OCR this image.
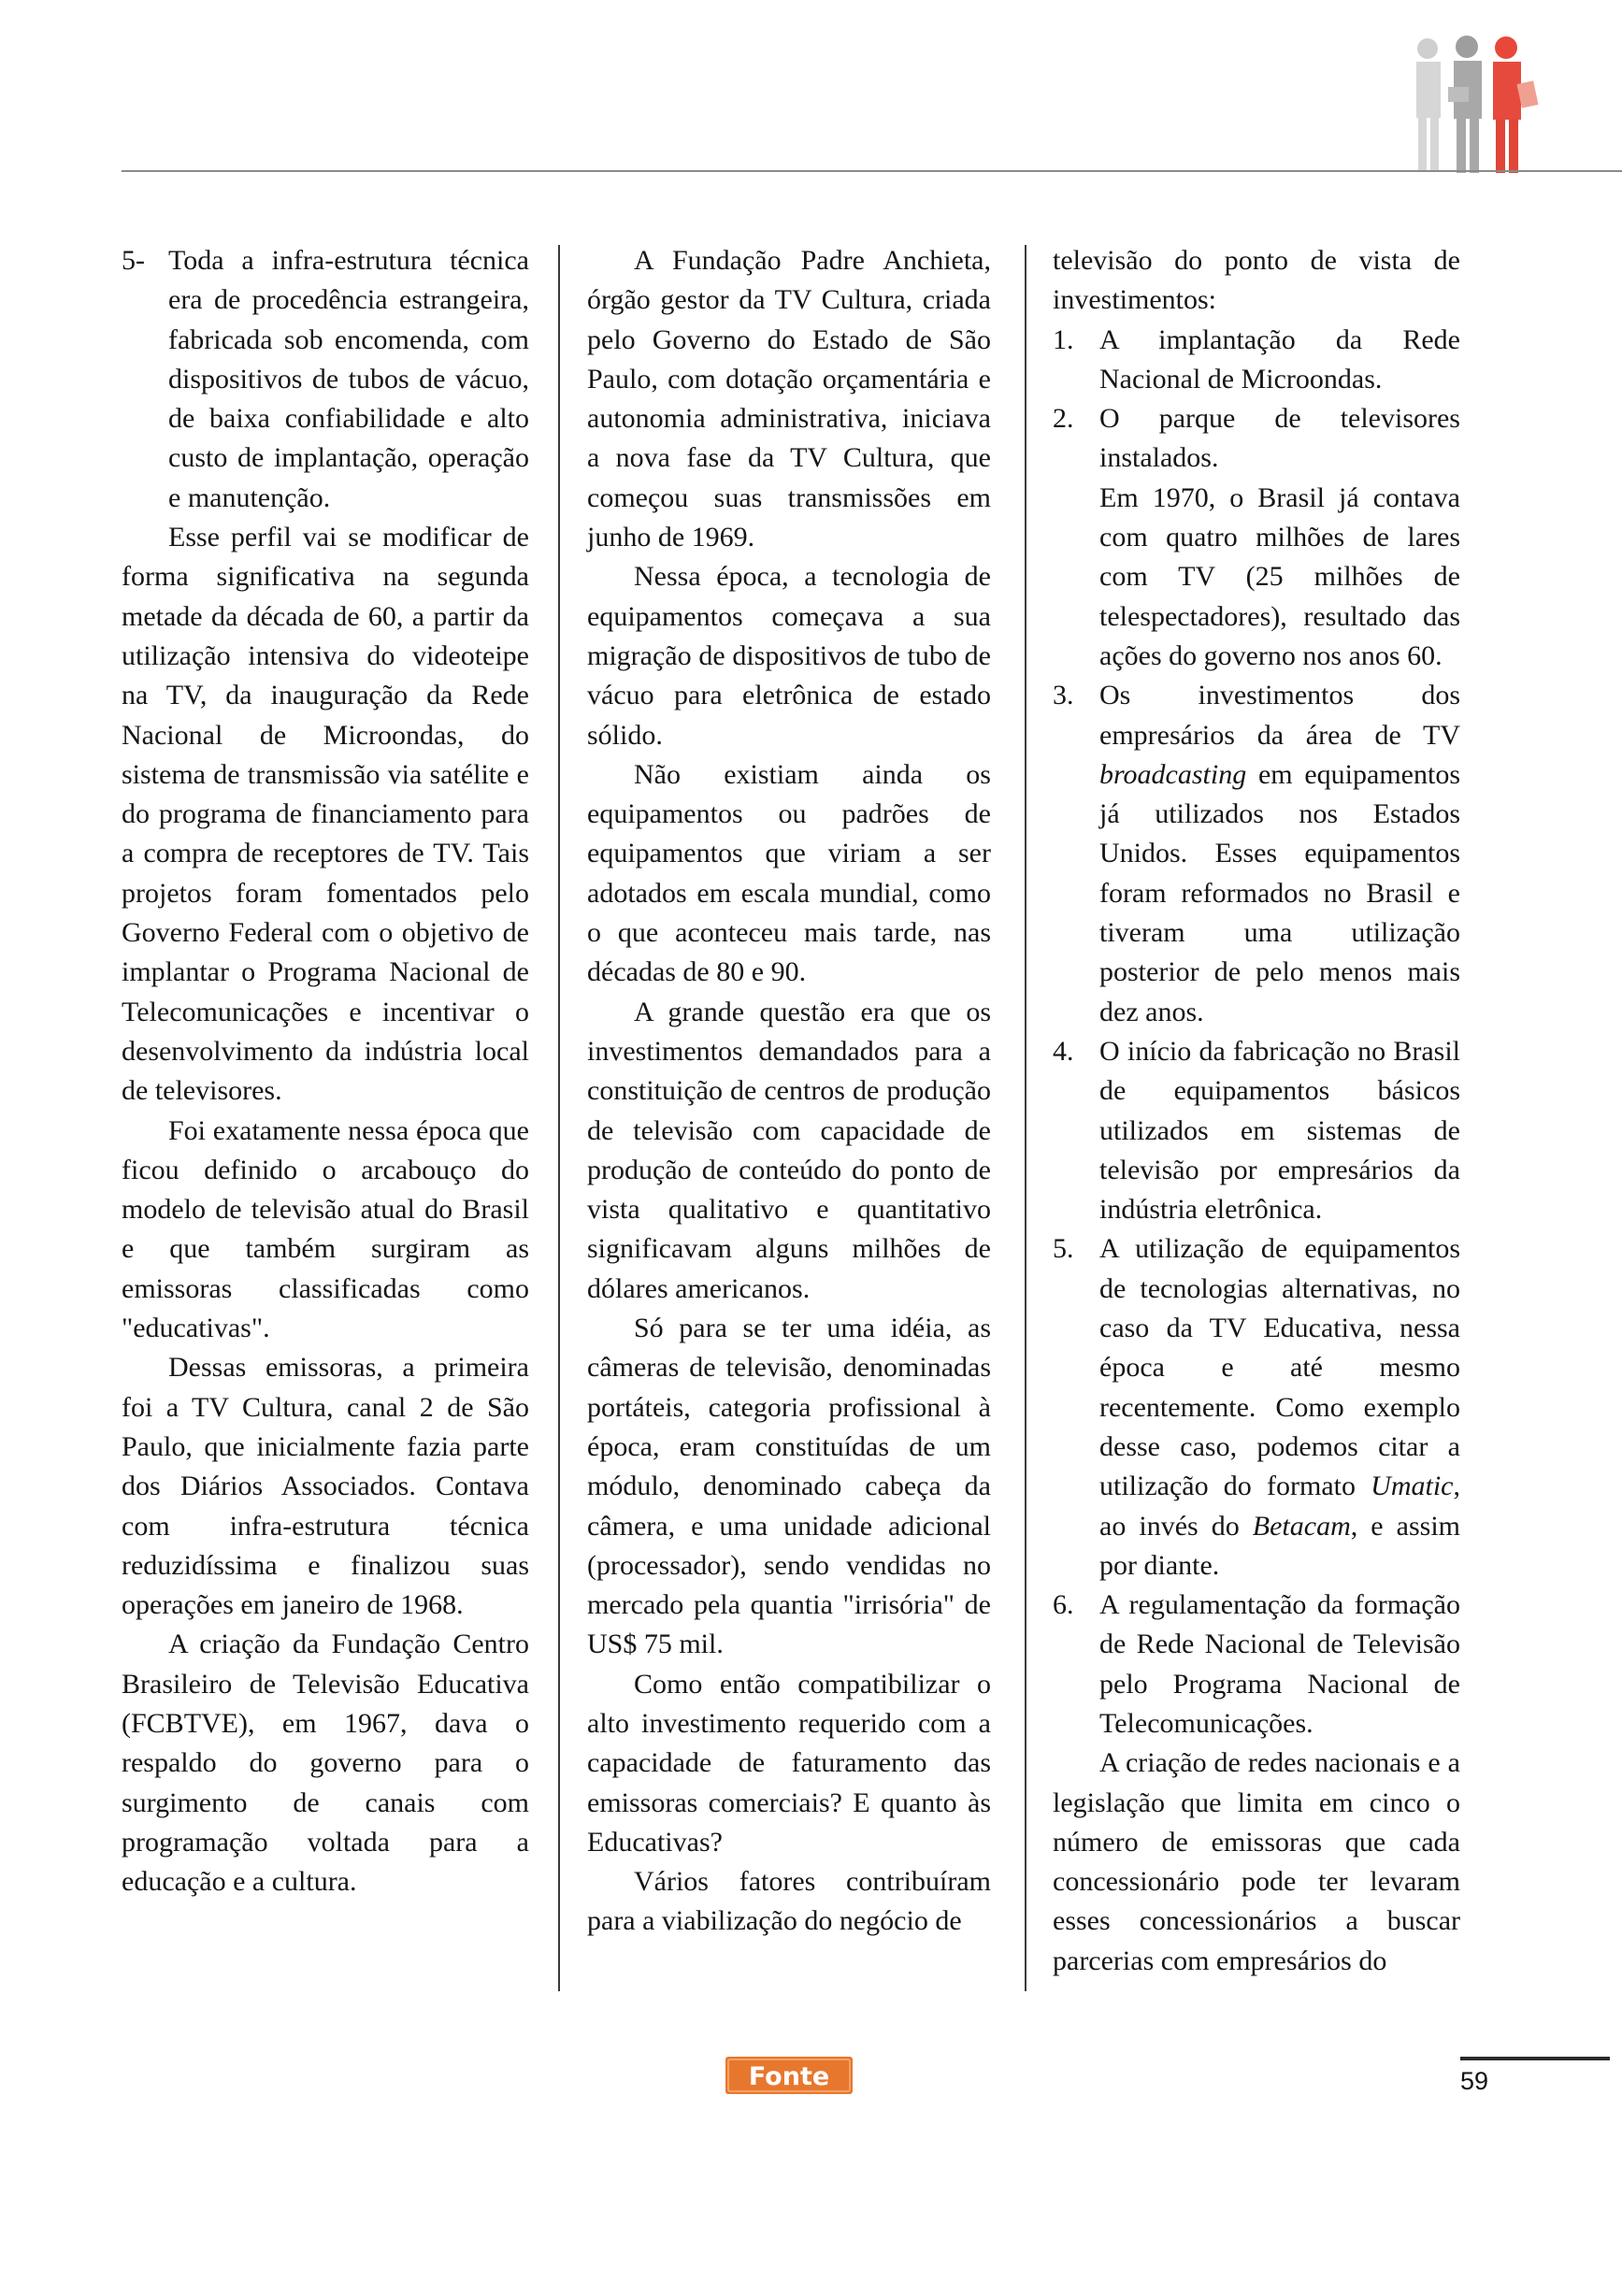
5- Toda a infra-estrutura técnica era de procedência estrangeira, fabricada sob encomenda, com dispositivos de tubos de vácuo, de baixa confiabilidade e alto custo de implantação, operação e manutenção.

Esse perfil vai se modificar de forma significativa na segunda metade da década de 60, a partir da utilização intensiva do videoteipe na TV, da inauguração da Rede Nacional de Microondas, do sistema de transmissão via satélite e do programa de financiamento para a compra de receptores de TV. Tais projetos foram fomentados pelo Governo Federal com o objetivo de implantar o Programa Nacional de Telecomunicações e incentivar o desenvolvimento da indústria local de televisores.

Foi exatamente nessa época que ficou definido o arcabouço do modelo de televisão atual do Brasil e que também surgiram as emissoras classificadas como "educativas".

Dessas emissoras, a primeira foi a TV Cultura, canal 2 de São Paulo, que inicialmente fazia parte dos Diários Associados. Contava com infra-estrutura técnica reduzidíssima e finalizou suas operações em janeiro de 1968.

A criação da Fundação Centro Brasileiro de Televisão Educativa (FCBTVE), em 1967, dava o respaldo do governo para o surgimento de canais com programação voltada para a educação e a cultura.

A Fundação Padre Anchieta, órgão gestor da TV Cultura, criada pelo Governo do Estado de São Paulo, com dotação orçamentária e autonomia administrativa, iniciava a nova fase da TV Cultura, que começou suas transmissões em junho de 1969.

Nessa época, a tecnologia de equipamentos começava a sua migração de dispositivos de tubo de vácuo para eletrônica de estado sólido.

Não existiam ainda os equipamentos ou padrões de equipamentos que viriam a ser adotados em escala mundial, como o que aconteceu mais tarde, nas décadas de 80 e 90.

A grande questão era que os investimentos demandados para a constituição de centros de produção de televisão com capacidade de produção de conteúdo do ponto de vista qualitativo e quantitativo significavam alguns milhões de dólares americanos.

Só para se ter uma idéia, as câmeras de televisão, denominadas portáteis, categoria profissional à época, eram constituídas de um módulo, denominado cabeça da câmera, e uma unidade adicional (processador), sendo vendidas no mercado pela quantia "irrisória" de US$ 75 mil.

Como então compatibilizar o alto investimento requerido com a capacidade de faturamento das emissoras comerciais? E quanto às Educativas?

Vários fatores contribuíram para a viabilização do negócio de

televisão do ponto de vista de investimentos:

1. A implantação da Rede Nacional de Microondas.
2. O parque de televisores instalados.

Em 1970, o Brasil já contava com quatro milhões de lares com TV (25 milhões de telespectadores), resultado das ações do governo nos anos 60.

3. Os investimentos dos empresários da área de TV broadcasting em equipamentos já utilizados nos Estados Unidos. Esses equipamentos foram reformados no Brasil e tiveram uma utilização posterior de pelo menos mais dez anos.
4. O início da fabricação no Brasil de equipamentos básicos utilizados em sistemas de televisão por empresários da indústria eletrônica.
5. A utilização de equipamentos de tecnologias alternativas, no caso da TV Educativa, nessa época e até mesmo recentemente. Como exemplo desse caso, podemos citar a utilização do formato Umatic, ao invés do Betacam, e assim por diante.
6. A regulamentação da formação de Rede Nacional de Televisão pelo Programa Nacional de Telecomunicações.

A criação de redes nacionais e a legislação que limita em cinco o número de emissoras que cada concessionário pode ter levaram esses concessionários a buscar parcerias com empresários do

Fonte	59
